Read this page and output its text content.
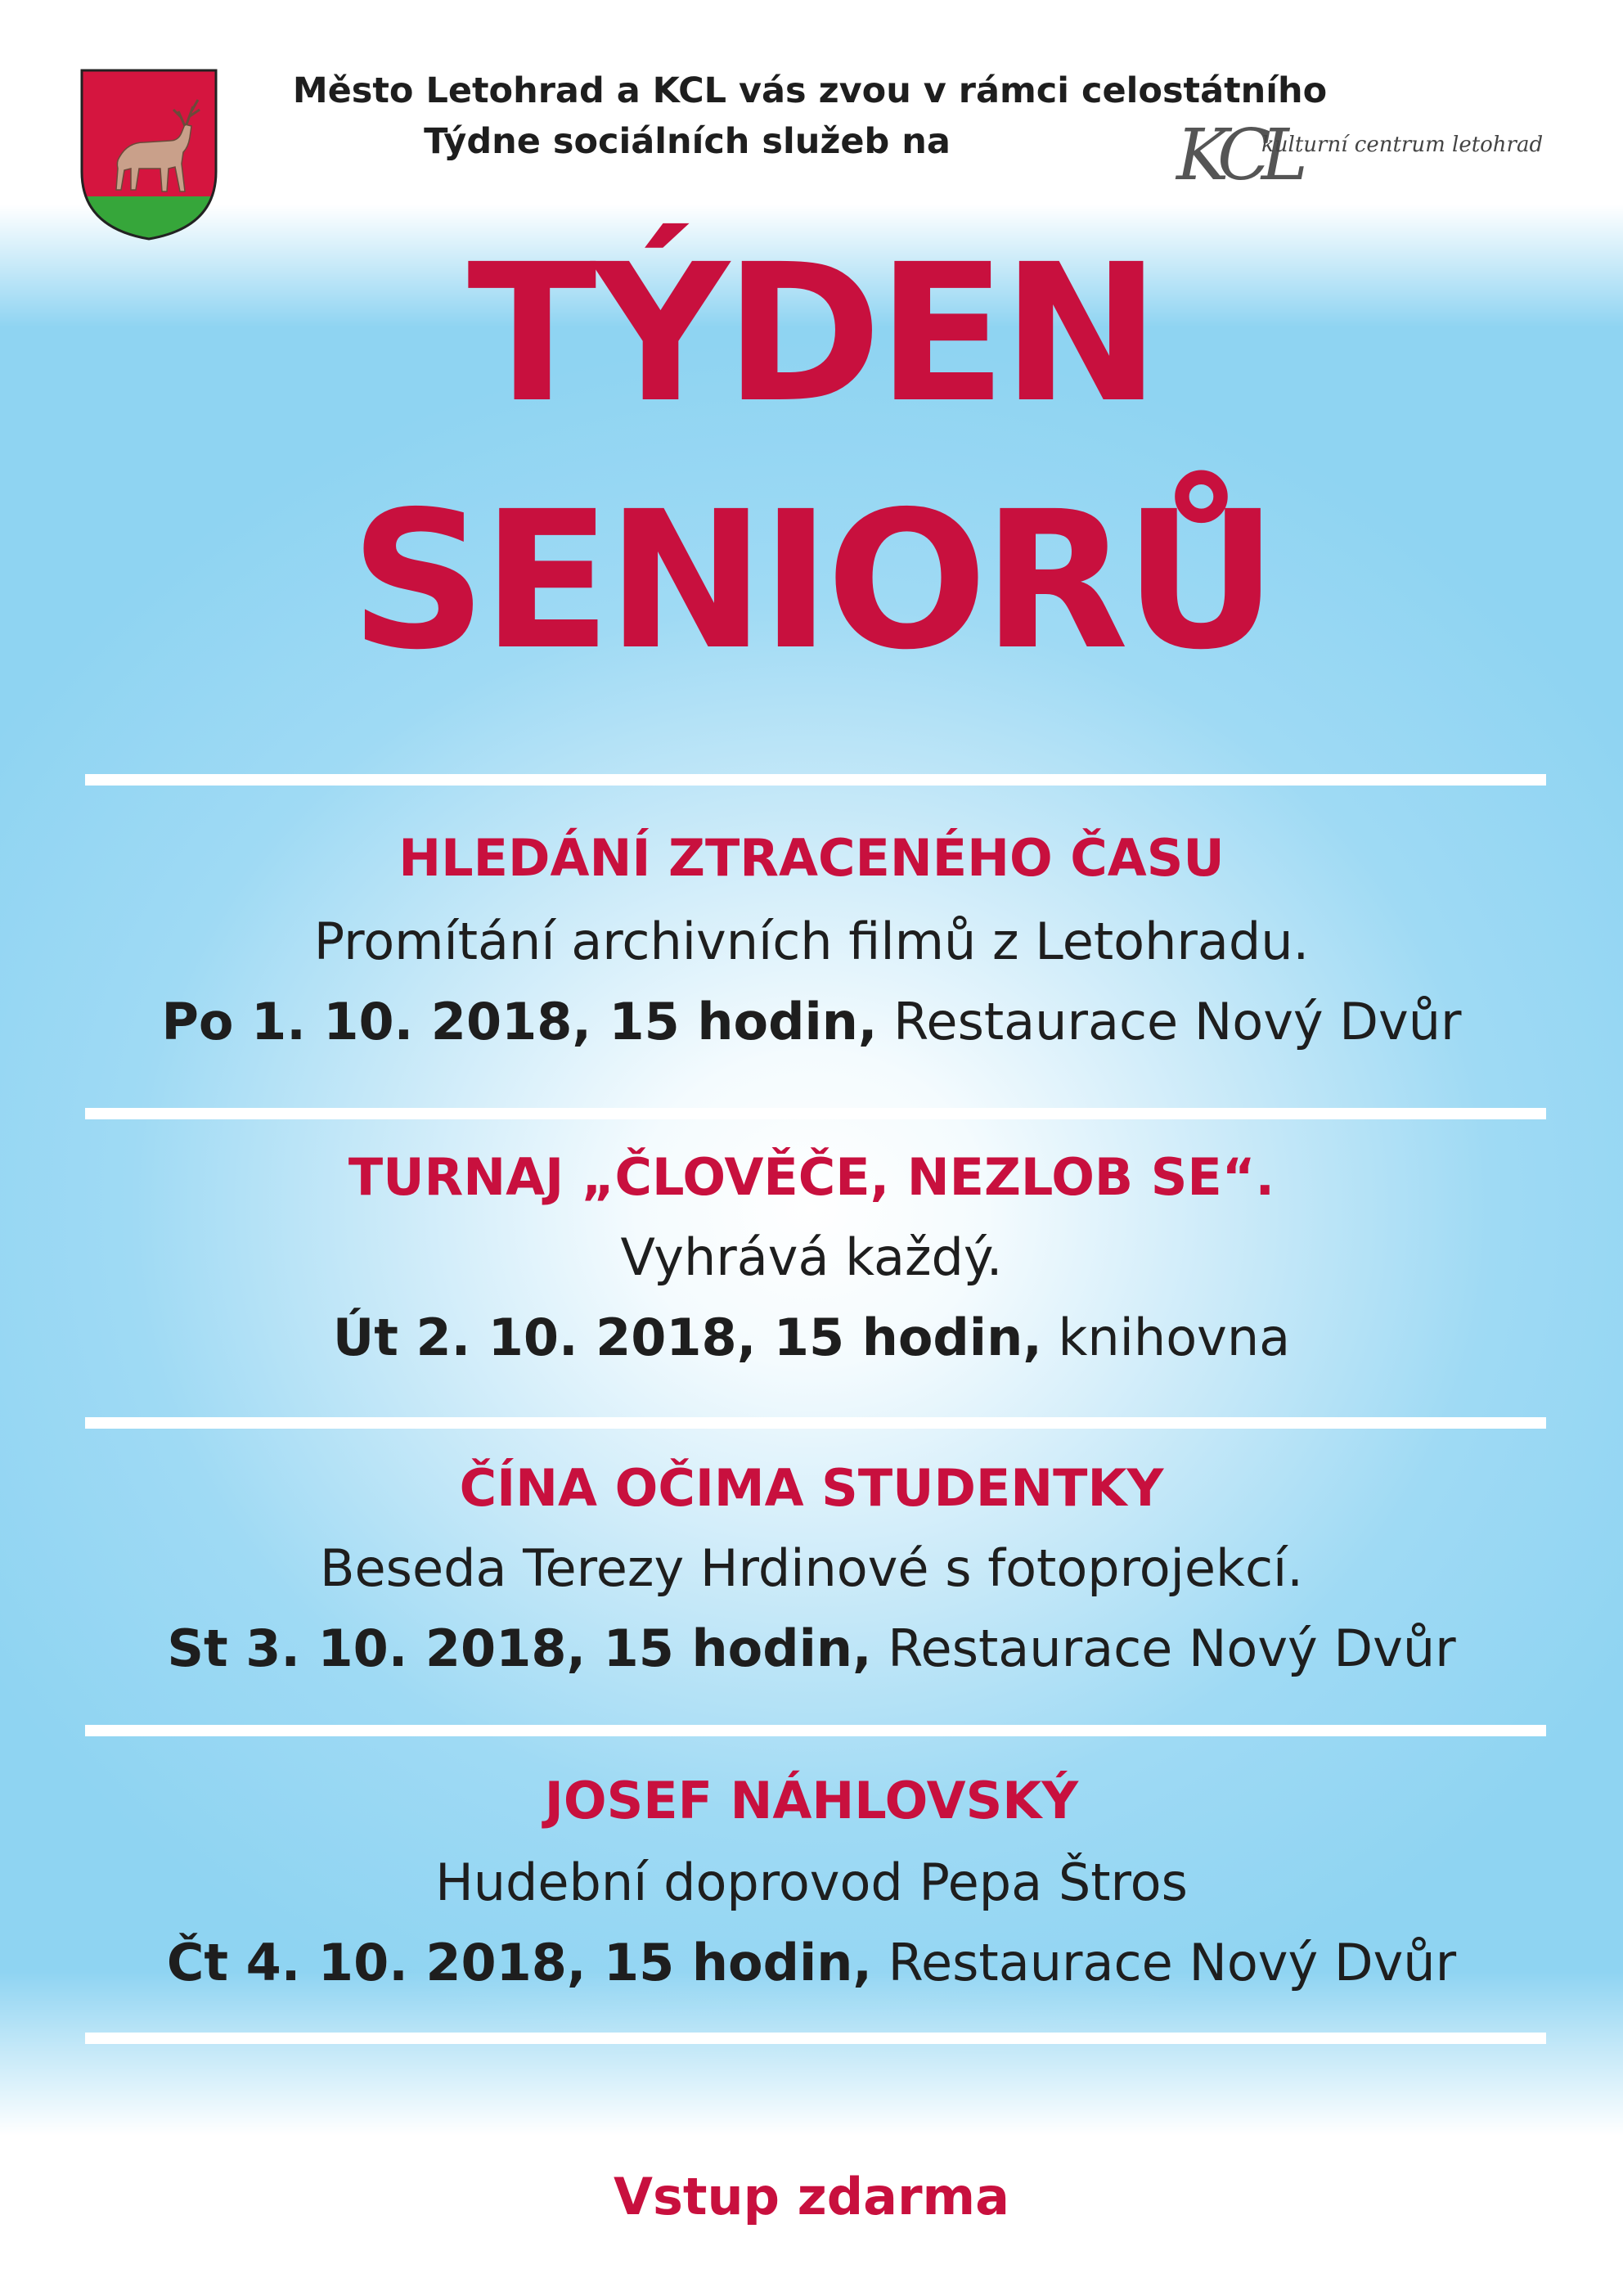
Město Letohrad a KCL vás zvou v rámci celostátního
Týdne sociálních služeb na	KCL
kulturní centrum letohrad
TÝDEN
SENIORŮ
HLEDÁNÍ ZTRACENÉHO ČASU
Promítání archivních filmů z Letohradu.
Po 1. 10. 2018, 15 hodin, Restaurace Nový Dvůr
TURNAJ „ČLOVĚČE, NEZLOB SE“.
Vyhrává každý.
Út 2. 10. 2018, 15 hodin, knihovna
ČÍNA OČIMA STUDENTKY
Beseda Terezy Hrdinové s fotoprojekcí.
St 3. 10. 2018, 15 hodin, Restaurace Nový Dvůr
JOSEF NÁHLOVSKÝ
Hudební doprovod Pepa Štros
Čt 4. 10. 2018, 15 hodin, Restaurace Nový Dvůr
Vstup zdarma
